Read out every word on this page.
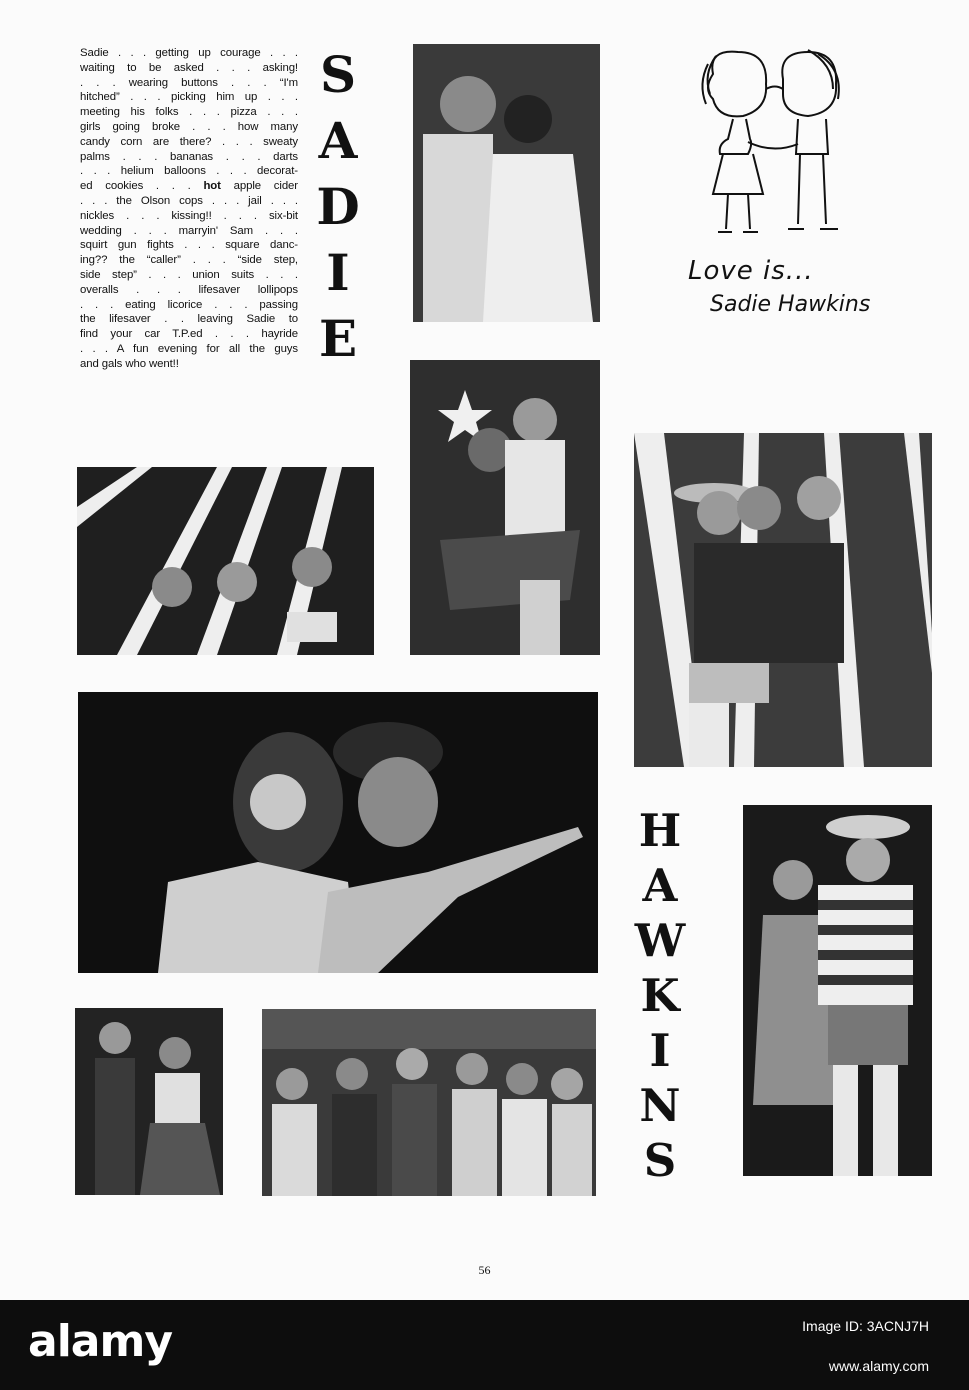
Sadie . . . getting up courage . . .
waiting to be asked . . . asking!
. . . wearing buttons . . . “I'm
hitched” . . . picking him up . . .
meeting his folks . . . pizza . . .
girls going broke . . . how many
candy corn are there? . . . sweaty
palms . . . bananas . . . darts
. . . helium balloons . . . decorat-
ed cookies . . . hot apple cider
. . . the Olson cops . . . jail . . .
nickles . . . kissing!! . . . six-bit
wedding . . . marryin' Sam . . .
squirt gun fights . . . square danc-
ing?? the “caller” . . . “side step,
side step” . . . union suits . . .
overalls . . . lifesaver lollipops
. . . eating licorice . . . passing
the lifesaver . . leaving Sadie to
find your car T.P.ed . . . hayride
. . . A fun evening for all the guys
and gals who went!!
S
A
D
I
E
H
A
W
K
I
N
S
Love is...
Sadie Hawkins
56
alamy	Image ID: 3ACNJ7H
www.alamy.com
